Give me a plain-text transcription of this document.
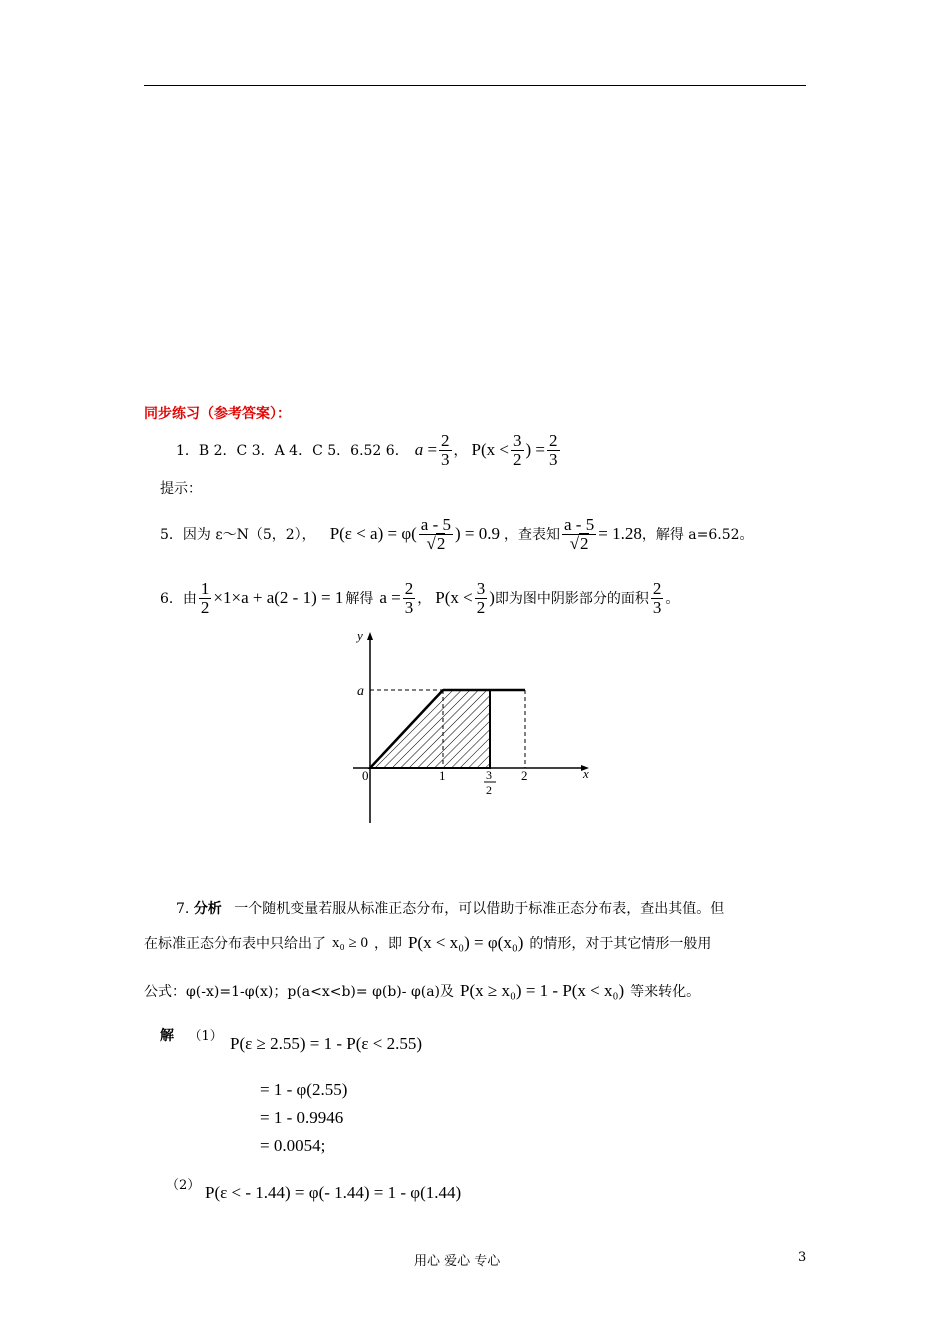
同步练习（参考答案）：
1．B 2．C 3．A 4．C 5．6.52 6． $a = \frac{2}{3}$ ， $P(x < \frac{3}{2}$ ) = $\frac{2}{3}$
提示：
5．因为 ε～N（5，2）， $P(\varepsilon < a) = \varphi( \frac{a - 5}{√2}$ ) = 0.9 ，查表知 $\frac{a - 5}{√2} = 1.28$ ，解得 a=6.52。
6．由 $\frac{1}{2} \times 1\times a + a(2 - 1) = 1$ 解得 $a = \frac{2}{3}$ ， $P(x < \frac{3}{2}$ ) 即为图中阴影部分的面积 $\frac{2}{3}$ 。
y
x
a
0	1	3
2
2
7. 分析 一个随机变量若服从标准正态分布，可以借助于标准正态分布表，查出其值。但
在标准正态分布表中只给出了 x₀ ≥ 0 ，即 P(x < x₀) = φ(x₀) 的情形，对于其它情形一般用
公式：φ(-x)=1-φ(x)；p(a<x<b)= φ(b)- φ(a)及 P(x ≥ x₀) = 1 - P(x < x₀) 等来转化。
解 （1） P(ε ≥ 2.55) = 1 - P(ε < 2.55)
= 1 - φ(2.55)
= 1 - 0.9946
= 0.0054;
（2） P(ε < - 1.44) = φ(- 1.44) = 1 - φ(1.44)
用心 爱心 专心	3
